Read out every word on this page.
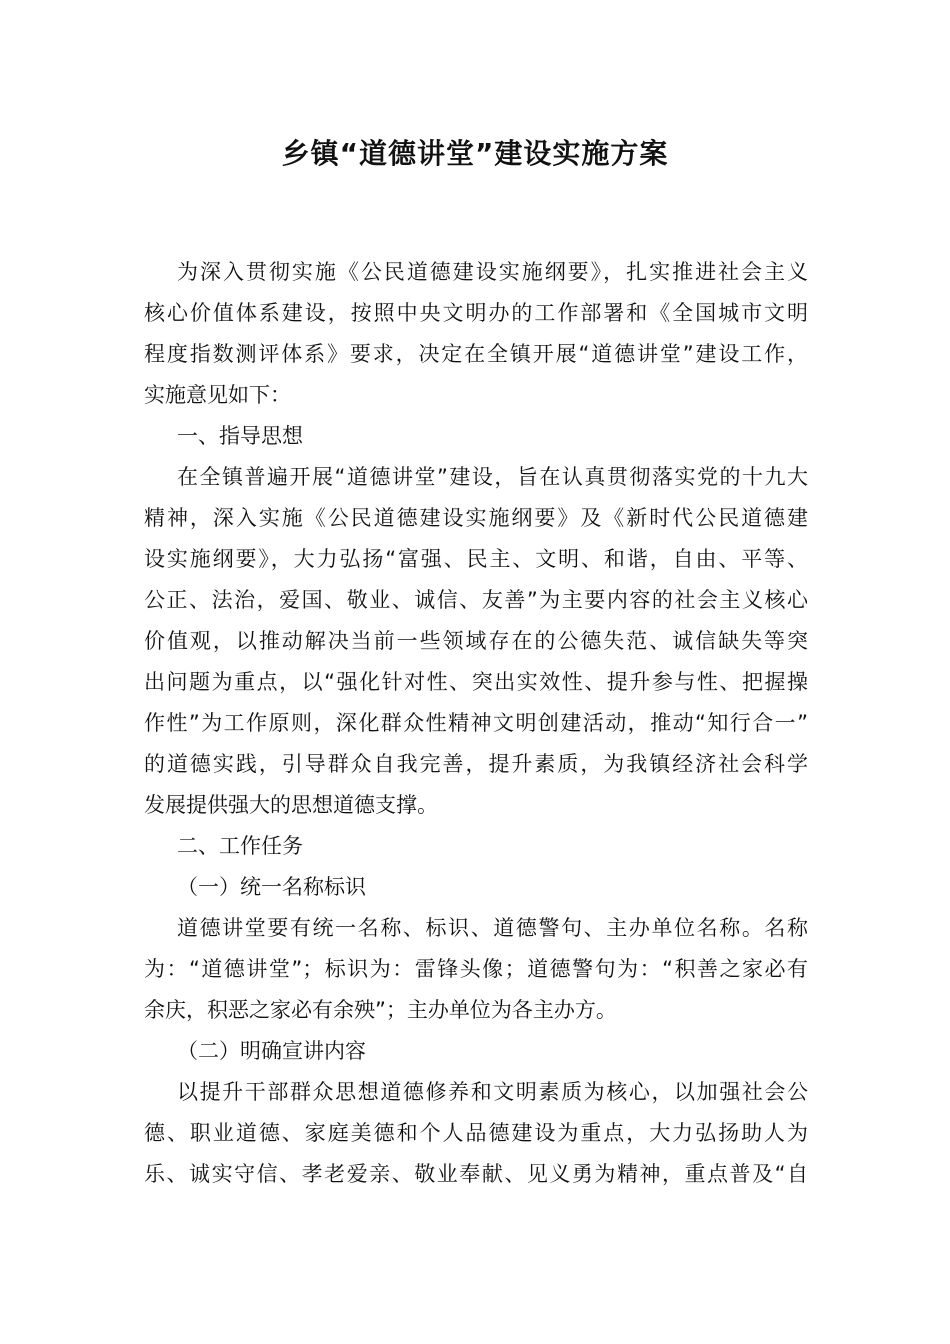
乡镇“道德讲堂”建设实施方案
为深入贯彻实施《公民道德建设实施纲要》，扎实推进社会主义
核心价值体系建设，按照中央文明办的工作部署和《全国城市文明
程度指数测评体系》要求，决定在全镇开展“道德讲堂”建设工作，
实施意见如下：
一、指导思想
在全镇普遍开展“道德讲堂”建设，旨在认真贯彻落实党的十九大
精神，深入实施《公民道德建设实施纲要》及《新时代公民道德建
设实施纲要》，大力弘扬“富强、民主、文明、和谐，自由、平等、
公正、法治，爱国、敬业、诚信、友善”为主要内容的社会主义核心
价值观，以推动解决当前一些领域存在的公德失范、诚信缺失等突
出问题为重点，以“强化针对性、突出实效性、提升参与性、把握操
作性”为工作原则，深化群众性精神文明创建活动，推动“知行合一”
的道德实践，引导群众自我完善，提升素质，为我镇经济社会科学
发展提供强大的思想道德支撑。
二、工作任务
（一）统一名称标识
道德讲堂要有统一名称、标识、道德警句、主办单位名称。名称
为：“道德讲堂”；标识为：雷锋头像；道德警句为：“积善之家必有
余庆，积恶之家必有余殃”；主办单位为各主办方。
（二）明确宣讲内容
以提升干部群众思想道德修养和文明素质为核心，以加强社会公
德、职业道德、家庭美德和个人品德建设为重点，大力弘扬助人为
乐、诚实守信、孝老爱亲、敬业奉献、见义勇为精神，重点普及“自
